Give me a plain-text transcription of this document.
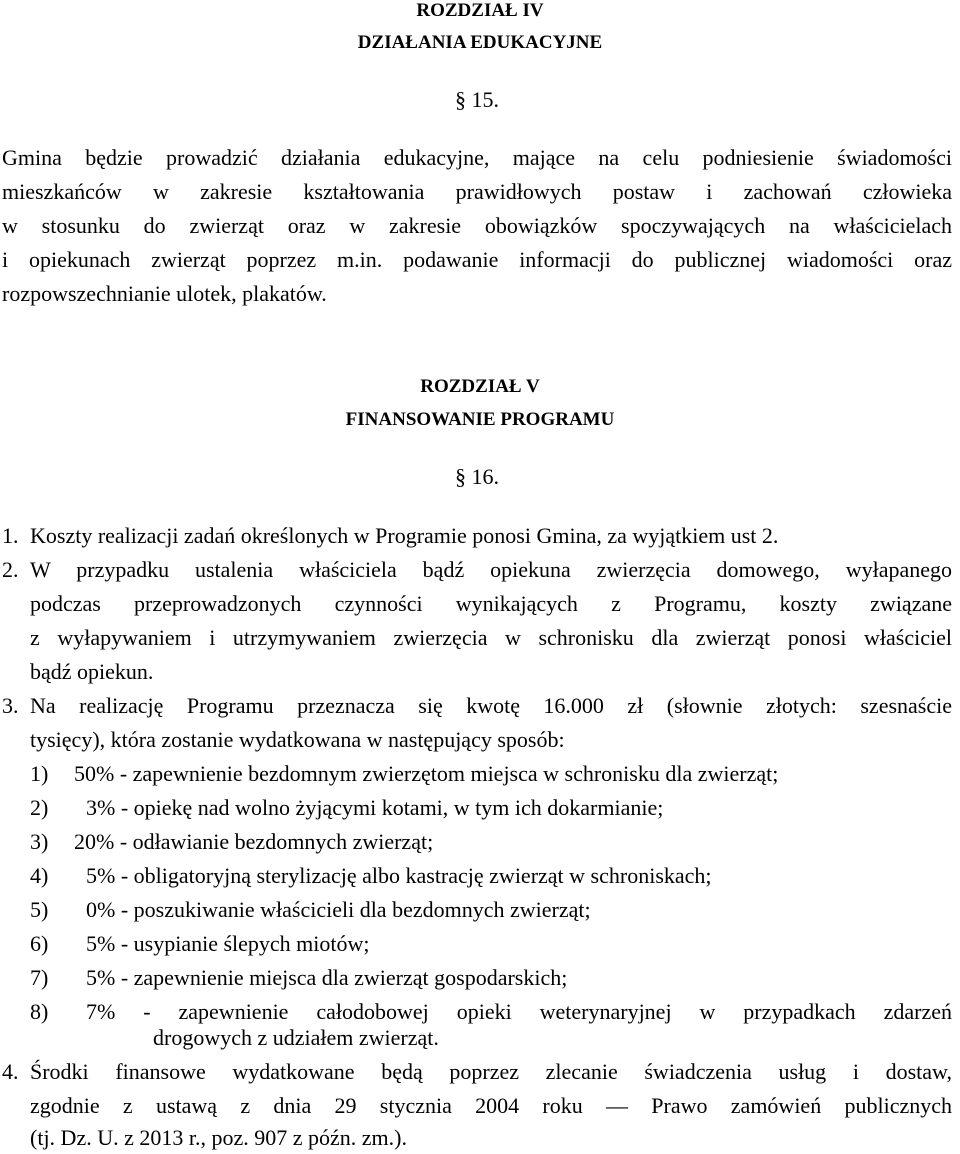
ROZDZIAŁ IV
DZIAŁANIA EDUKACYJNE
§ 15.
Gmina będzie prowadzić działania edukacyjne, mające na celu podniesienie świadomości
mieszkańców w zakresie kształtowania prawidłowych postaw i zachowań człowieka
w stosunku do zwierząt oraz w zakresie obowiązków spoczywających na właścicielach
i opiekunach zwierząt poprzez m.in. podawanie informacji do publicznej wiadomości oraz
rozpowszechnianie ulotek, plakatów.
ROZDZIAŁ V
FINANSOWANIE PROGRAMU
§ 16.
1. Koszty realizacji zadań określonych w Programie ponosi Gmina, za wyjątkiem ust 2.
2. W przypadku ustalenia właściciela bądź opiekuna zwierzęcia domowego, wyłapanego
podczas przeprowadzonych czynności wynikających z Programu, koszty związane
z wyłapywaniem i utrzymywaniem zwierzęcia w schronisku dla zwierząt ponosi właściciel
bądź opiekun.
3. Na realizację Programu przeznacza się kwotę 16.000 zł (słownie złotych: szesnaście
tysięcy), która zostanie wydatkowana w następujący sposób:
1) 50% - zapewnienie bezdomnym zwierzętom miejsca w schronisku dla zwierząt;
2) 3% - opiekę nad wolno żyjącymi kotami, w tym ich dokarmianie;
3) 20% - odławianie bezdomnych zwierząt;
4) 5% - obligatoryjną sterylizację albo kastrację zwierząt w schroniskach;
5) 0% - poszukiwanie właścicieli dla bezdomnych zwierząt;
6) 5% - usypianie ślepych miotów;
7) 5% - zapewnienie miejsca dla zwierząt gospodarskich;
8) 7% - zapewnienie całodobowej opieki weterynaryjnej w przypadkach zdarzeń
drogowych z udziałem zwierząt.
4. Środki finansowe wydatkowane będą poprzez zlecanie świadczenia usług i dostaw,
zgodnie z ustawą z dnia 29 stycznia 2004 roku — Prawo zamówień publicznych
(tj. Dz. U. z 2013 r., poz. 907 z późn. zm.).
